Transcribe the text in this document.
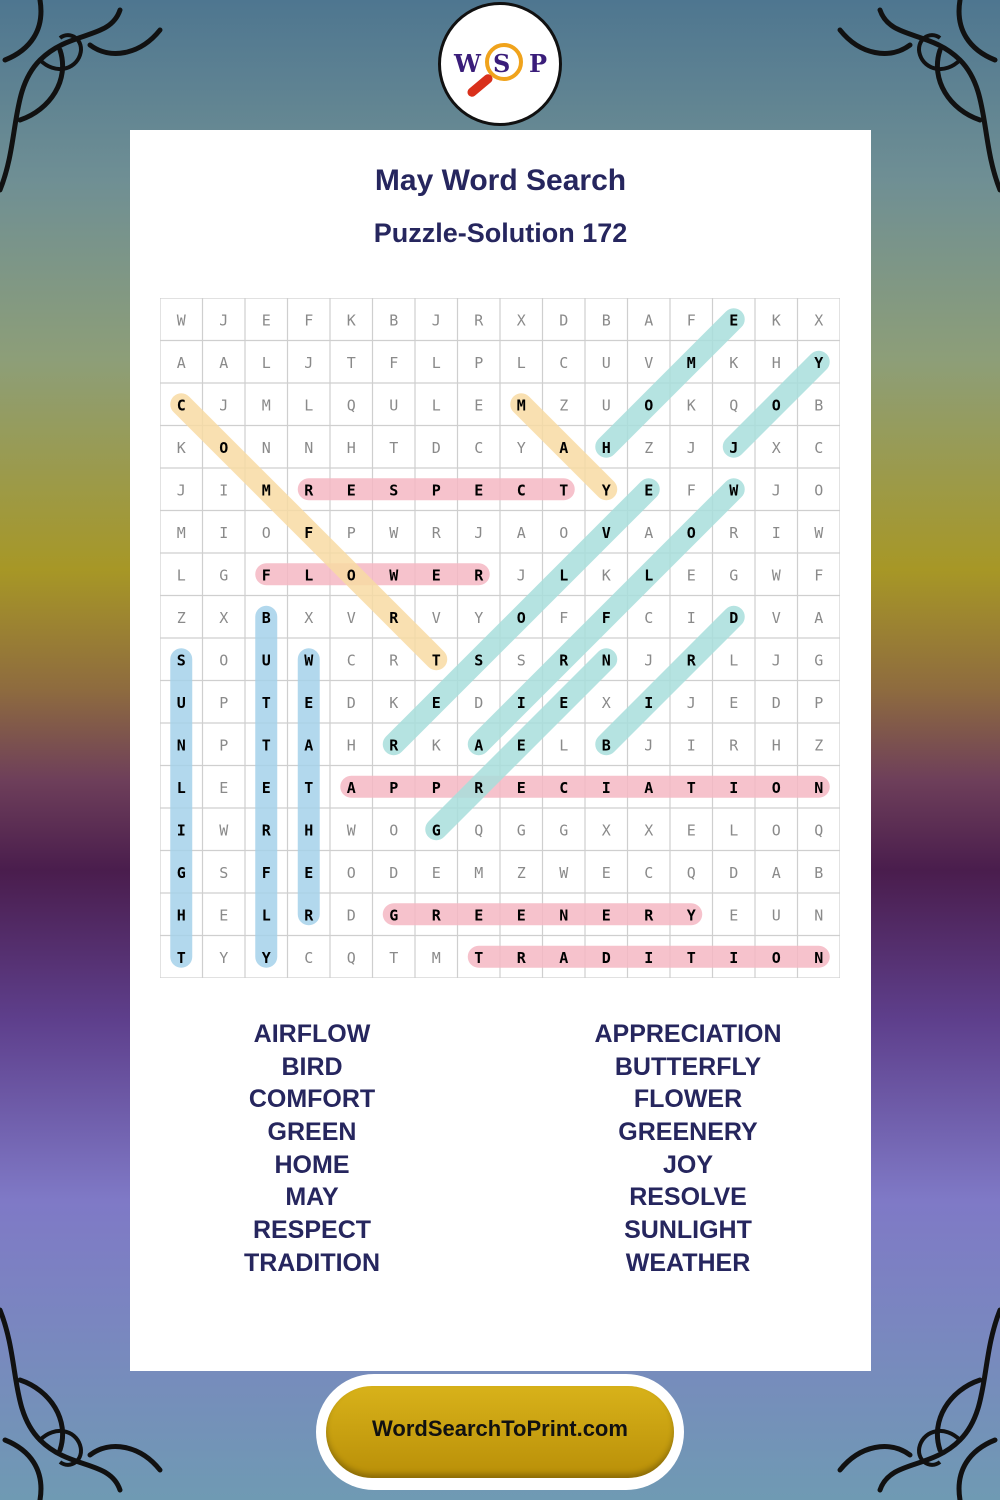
W S P
May Word Search
Puzzle-Solution 172
W J E F K B J R X D B A F E K X
A A L J T F L P L C U V M K H Y
C J M L Q U L E M Z U O K Q O B
K O N N H T D C Y A H Z J J X C
J I M R E S P E C T Y E F W J O
M I O F P W R J A O V A O R I W
L G F L O W E R J L K L E G W F
Z X B X V R V Y O F F C I D V A
S O U W C R T S S R N J R L J G
U P T E D K E D I E X I J E D P
N P T A H R K A E L B J I R H Z
L E E T A P P R E C I A T I O N
I W R H W O G Q G G X X E L O Q
G S F E O D E M Z W E C Q D A B
H E L R D G R E E N E R Y E U N
T Y Y C Q T M T R A D I T I O N
AIRFLOW
BIRD
COMFORT
GREEN
HOME
MAY
RESPECT
TRADITION
APPRECIATION
BUTTERFLY
FLOWER
GREENERY
JOY
RESOLVE
SUNLIGHT
WEATHER
WordSearchToPrint.com
